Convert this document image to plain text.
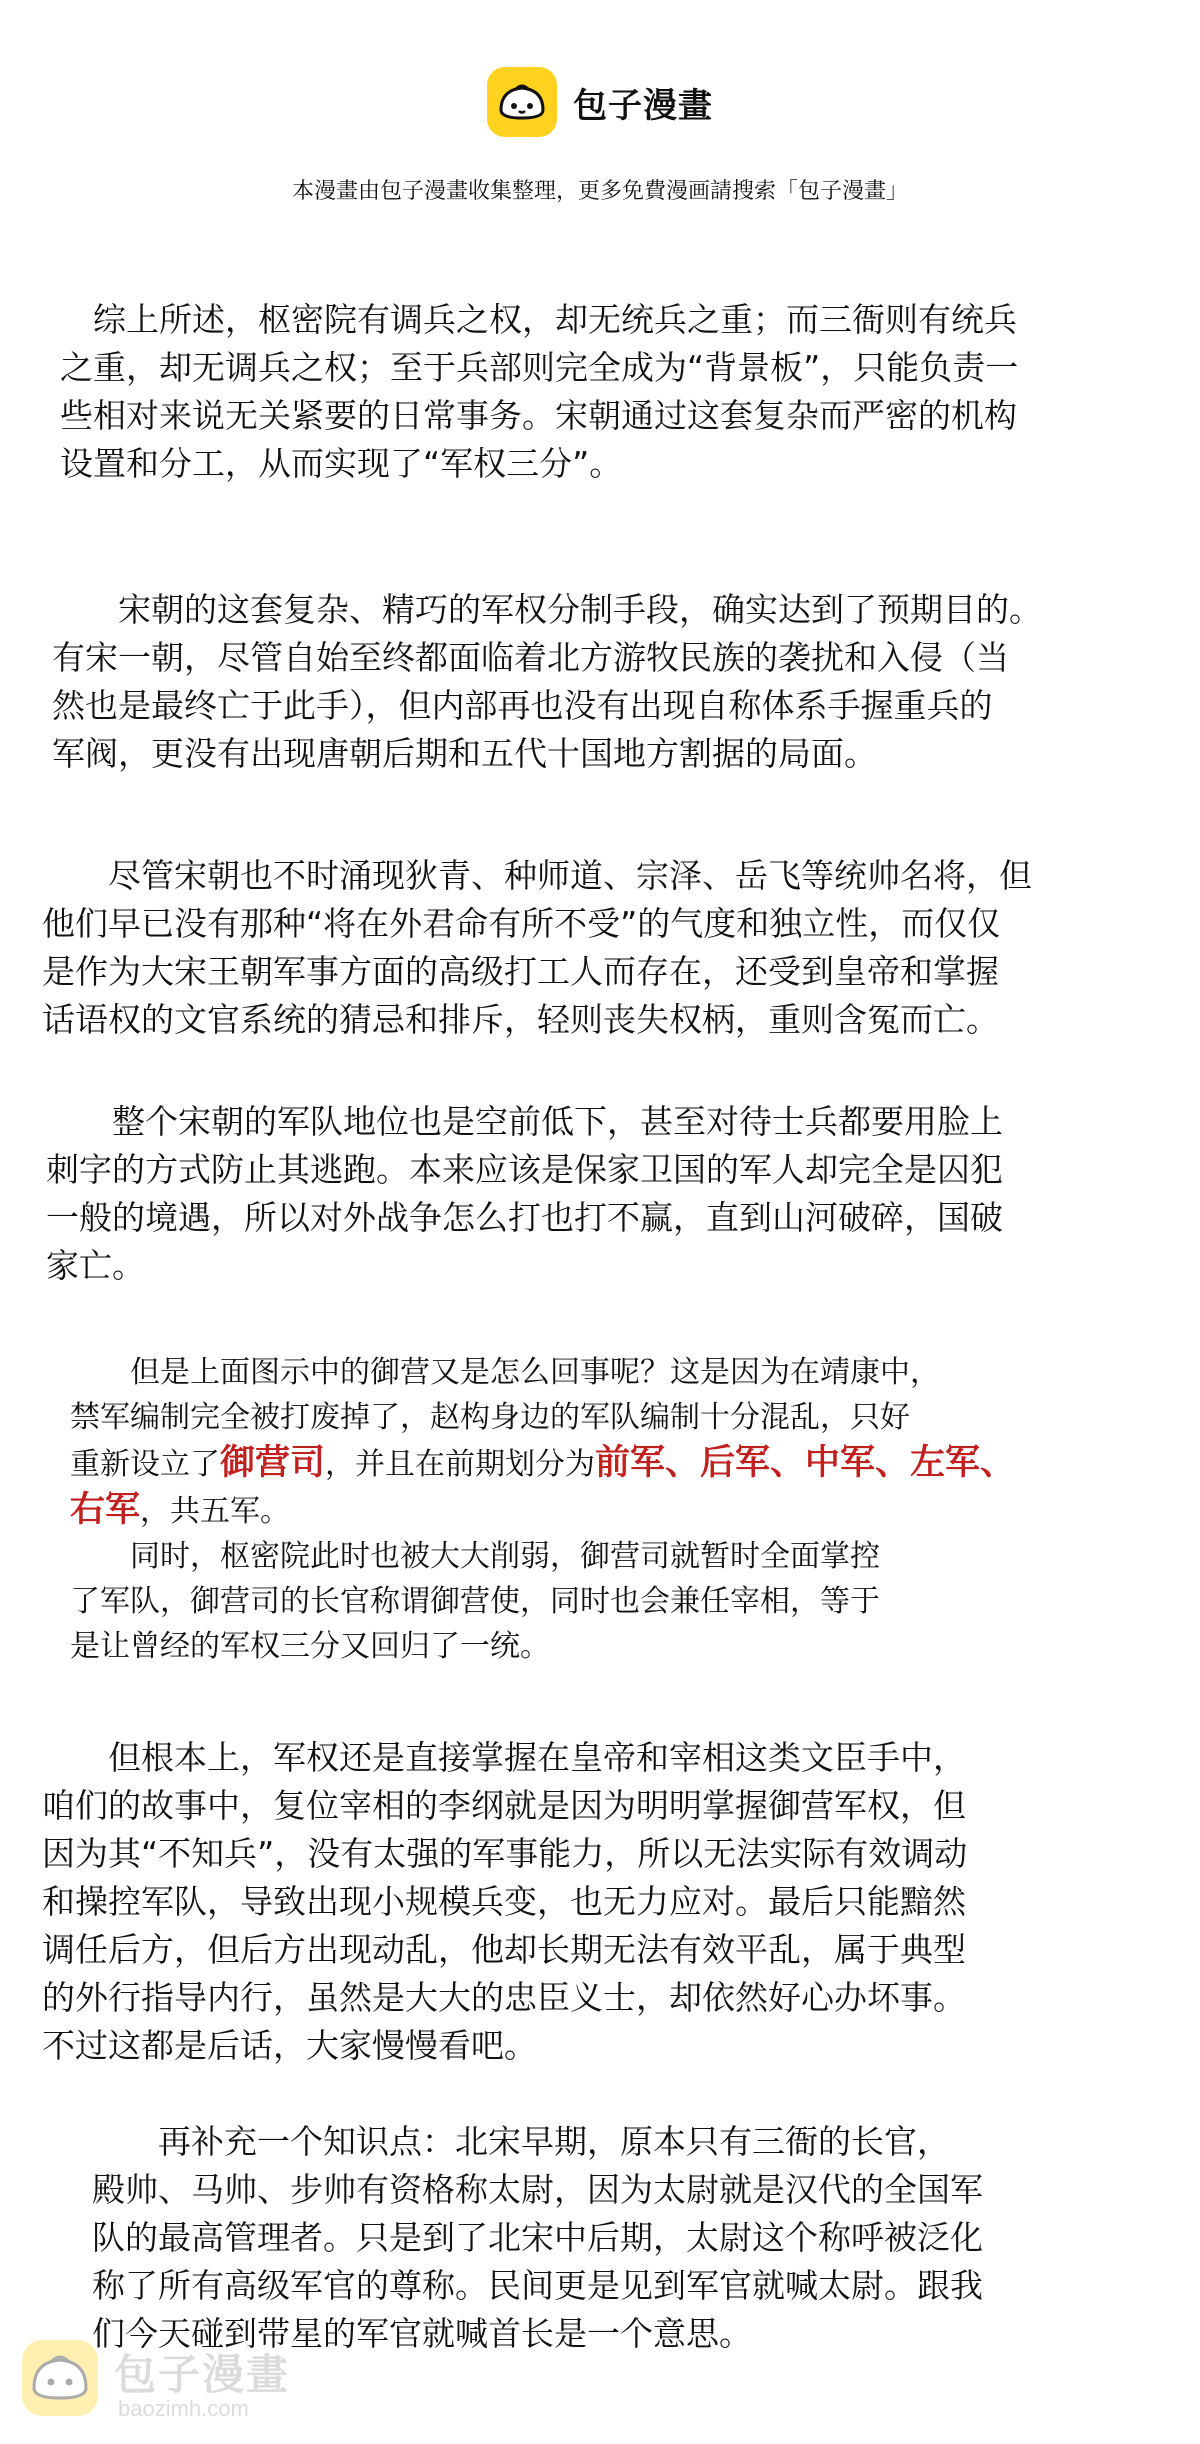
包子漫畫
本漫畫由包子漫畫收集整理，更多免費漫画請搜索「包子漫畫」

　综上所述，枢密院有调兵之权，却无统兵之重；而三衙则有统兵
之重，却无调兵之权；至于兵部则完全成为“背景板”，只能负责一
些相对来说无关紧要的日常事务。宋朝通过这套复杂而严密的机构
设置和分工，从而实现了“军权三分”。

　　宋朝的这套复杂、精巧的军权分制手段，确实达到了预期目的。
有宋一朝，尽管自始至终都面临着北方游牧民族的袭扰和入侵（当
然也是最终亡于此手），但内部再也没有出现自称体系手握重兵的
军阀，更没有出现唐朝后期和五代十国地方割据的局面。

　　尽管宋朝也不时涌现狄青、种师道、宗泽、岳飞等统帅名将，但
他们早已没有那种“将在外君命有所不受”的气度和独立性，而仅仅
是作为大宋王朝军事方面的高级打工人而存在，还受到皇帝和掌握
话语权的文官系统的猜忌和排斥，轻则丧失权柄，重则含冤而亡。

　　整个宋朝的军队地位也是空前低下，甚至对待士兵都要用脸上
刺字的方式防止其逃跑。本来应该是保家卫国的军人却完全是囚犯
一般的境遇，所以对外战争怎么打也打不赢，直到山河破碎，国破
家亡。

　　但是上面图示中的御营又是怎么回事呢？这是因为在靖康中，
禁军编制完全被打废掉了，赵构身边的军队编制十分混乱，只好
重新设立了御营司，并且在前期划分为前军、后军、中军、左军、
右军，共五军。
　　同时，枢密院此时也被大大削弱，御营司就暂时全面掌控
了军队，御营司的长官称谓御营使，同时也会兼任宰相，等于
是让曾经的军权三分又回归了一统。

　　但根本上，军权还是直接掌握在皇帝和宰相这类文臣手中，
咱们的故事中，复位宰相的李纲就是因为明明掌握御营军权，但
因为其“不知兵”，没有太强的军事能力，所以无法实际有效调动
和操控军队，导致出现小规模兵变，也无力应对。最后只能黯然
调任后方，但后方出现动乱，他却长期无法有效平乱，属于典型
的外行指导内行，虽然是大大的忠臣义士，却依然好心办坏事。
不过这都是后话，大家慢慢看吧。

　　再补充一个知识点：北宋早期，原本只有三衙的长官，
殿帅、马帅、步帅有资格称太尉，因为太尉就是汉代的全国军
队的最高管理者。只是到了北宋中后期，太尉这个称呼被泛化
称了所有高级军官的尊称。民间更是见到军官就喊太尉。跟我
们今天碰到带星的军官就喊首长是一个意思。

包子漫畫
baozimh.com
